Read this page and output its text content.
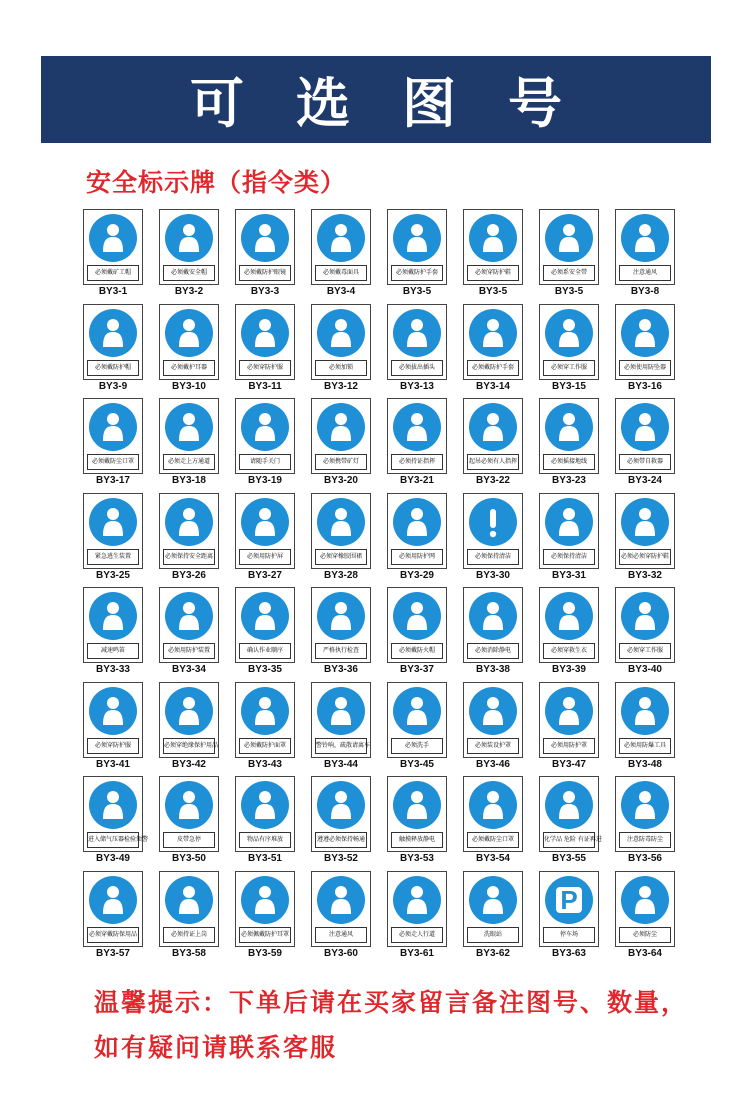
可选图号
安全标示牌（指令类）
必须戴矿工帽
BY3-1
必须戴安全帽
BY3-2
必须戴防护眼镜
BY3-3
必须戴毒面具
BY3-4
必须戴防护手套
BY3-5
必须穿防护鞋
BY3-5
必须系安全带
BY3-5
注意通风
BY3-8
必须戴防护帽
BY3-9
必须戴护耳器
BY3-10
必须穿防护服
BY3-11
必须加锁
BY3-12
必须拔出插头
BY3-13
必须戴防护手套
BY3-14
必须穿工作服
BY3-15
必须使用防坠器
BY3-16
必须戴防尘口罩
BY3-17
必须走上方通道
BY3-18
请随手关门
BY3-19
必须携带矿灯
BY3-20
必须持证指挥
BY3-21
起吊必须有人指挥
BY3-22
必须摇接地线
BY3-23
必须带自救器
BY3-24
紧急逃生装置
BY3-25
必须保持安全距离
BY3-26
必须用防护屏
BY3-27
必须穿橡胶围裙
BY3-28
必须用防护网
BY3-29
必须保持清洁
BY3-30
必须保持清洁
BY3-31
必须必须穿防护鞋
BY3-32
减速鸣笛
BY3-33
必须用防护装置
BY3-34
确认作业顺序
BY3-35
严格执行检查
BY3-36
必须戴防火帽
BY3-37
必须消除静电
BY3-38
必须穿救生衣
BY3-39
必须穿工作服
BY3-40
必须穿防护服
BY3-41
必须穿绝缘保护用品
BY3-42
必须戴防护面罩
BY3-43
警铃响，疏散请离车
BY3-44
必须洗手
BY3-45
必须装设护罩
BY3-46
必须用防护罩
BY3-47
必须用防爆工具
BY3-48
进入储气压器检验须警
BY3-49
皮带急停
BY3-50
物品有序堆放
BY3-51
遵遵必须保持畅通
BY3-52
触摸释放静电
BY3-53
必须戴防尘口罩
BY3-54
化学品 危险 有证再进
BY3-55
注意防毒防尘
BY3-56
必须穿戴防保用品
BY3-57
必须持证上岗
BY3-58
必须佩戴防护耳罩
BY3-59
注意通风
BY3-60
必须走人行道
BY3-61
洗眼站
BY3-62
P
停车场
BY3-63
必须防尘
BY3-64
温馨提示：下单后请在买家留言备注图号、数量，如有疑问请联系客服
